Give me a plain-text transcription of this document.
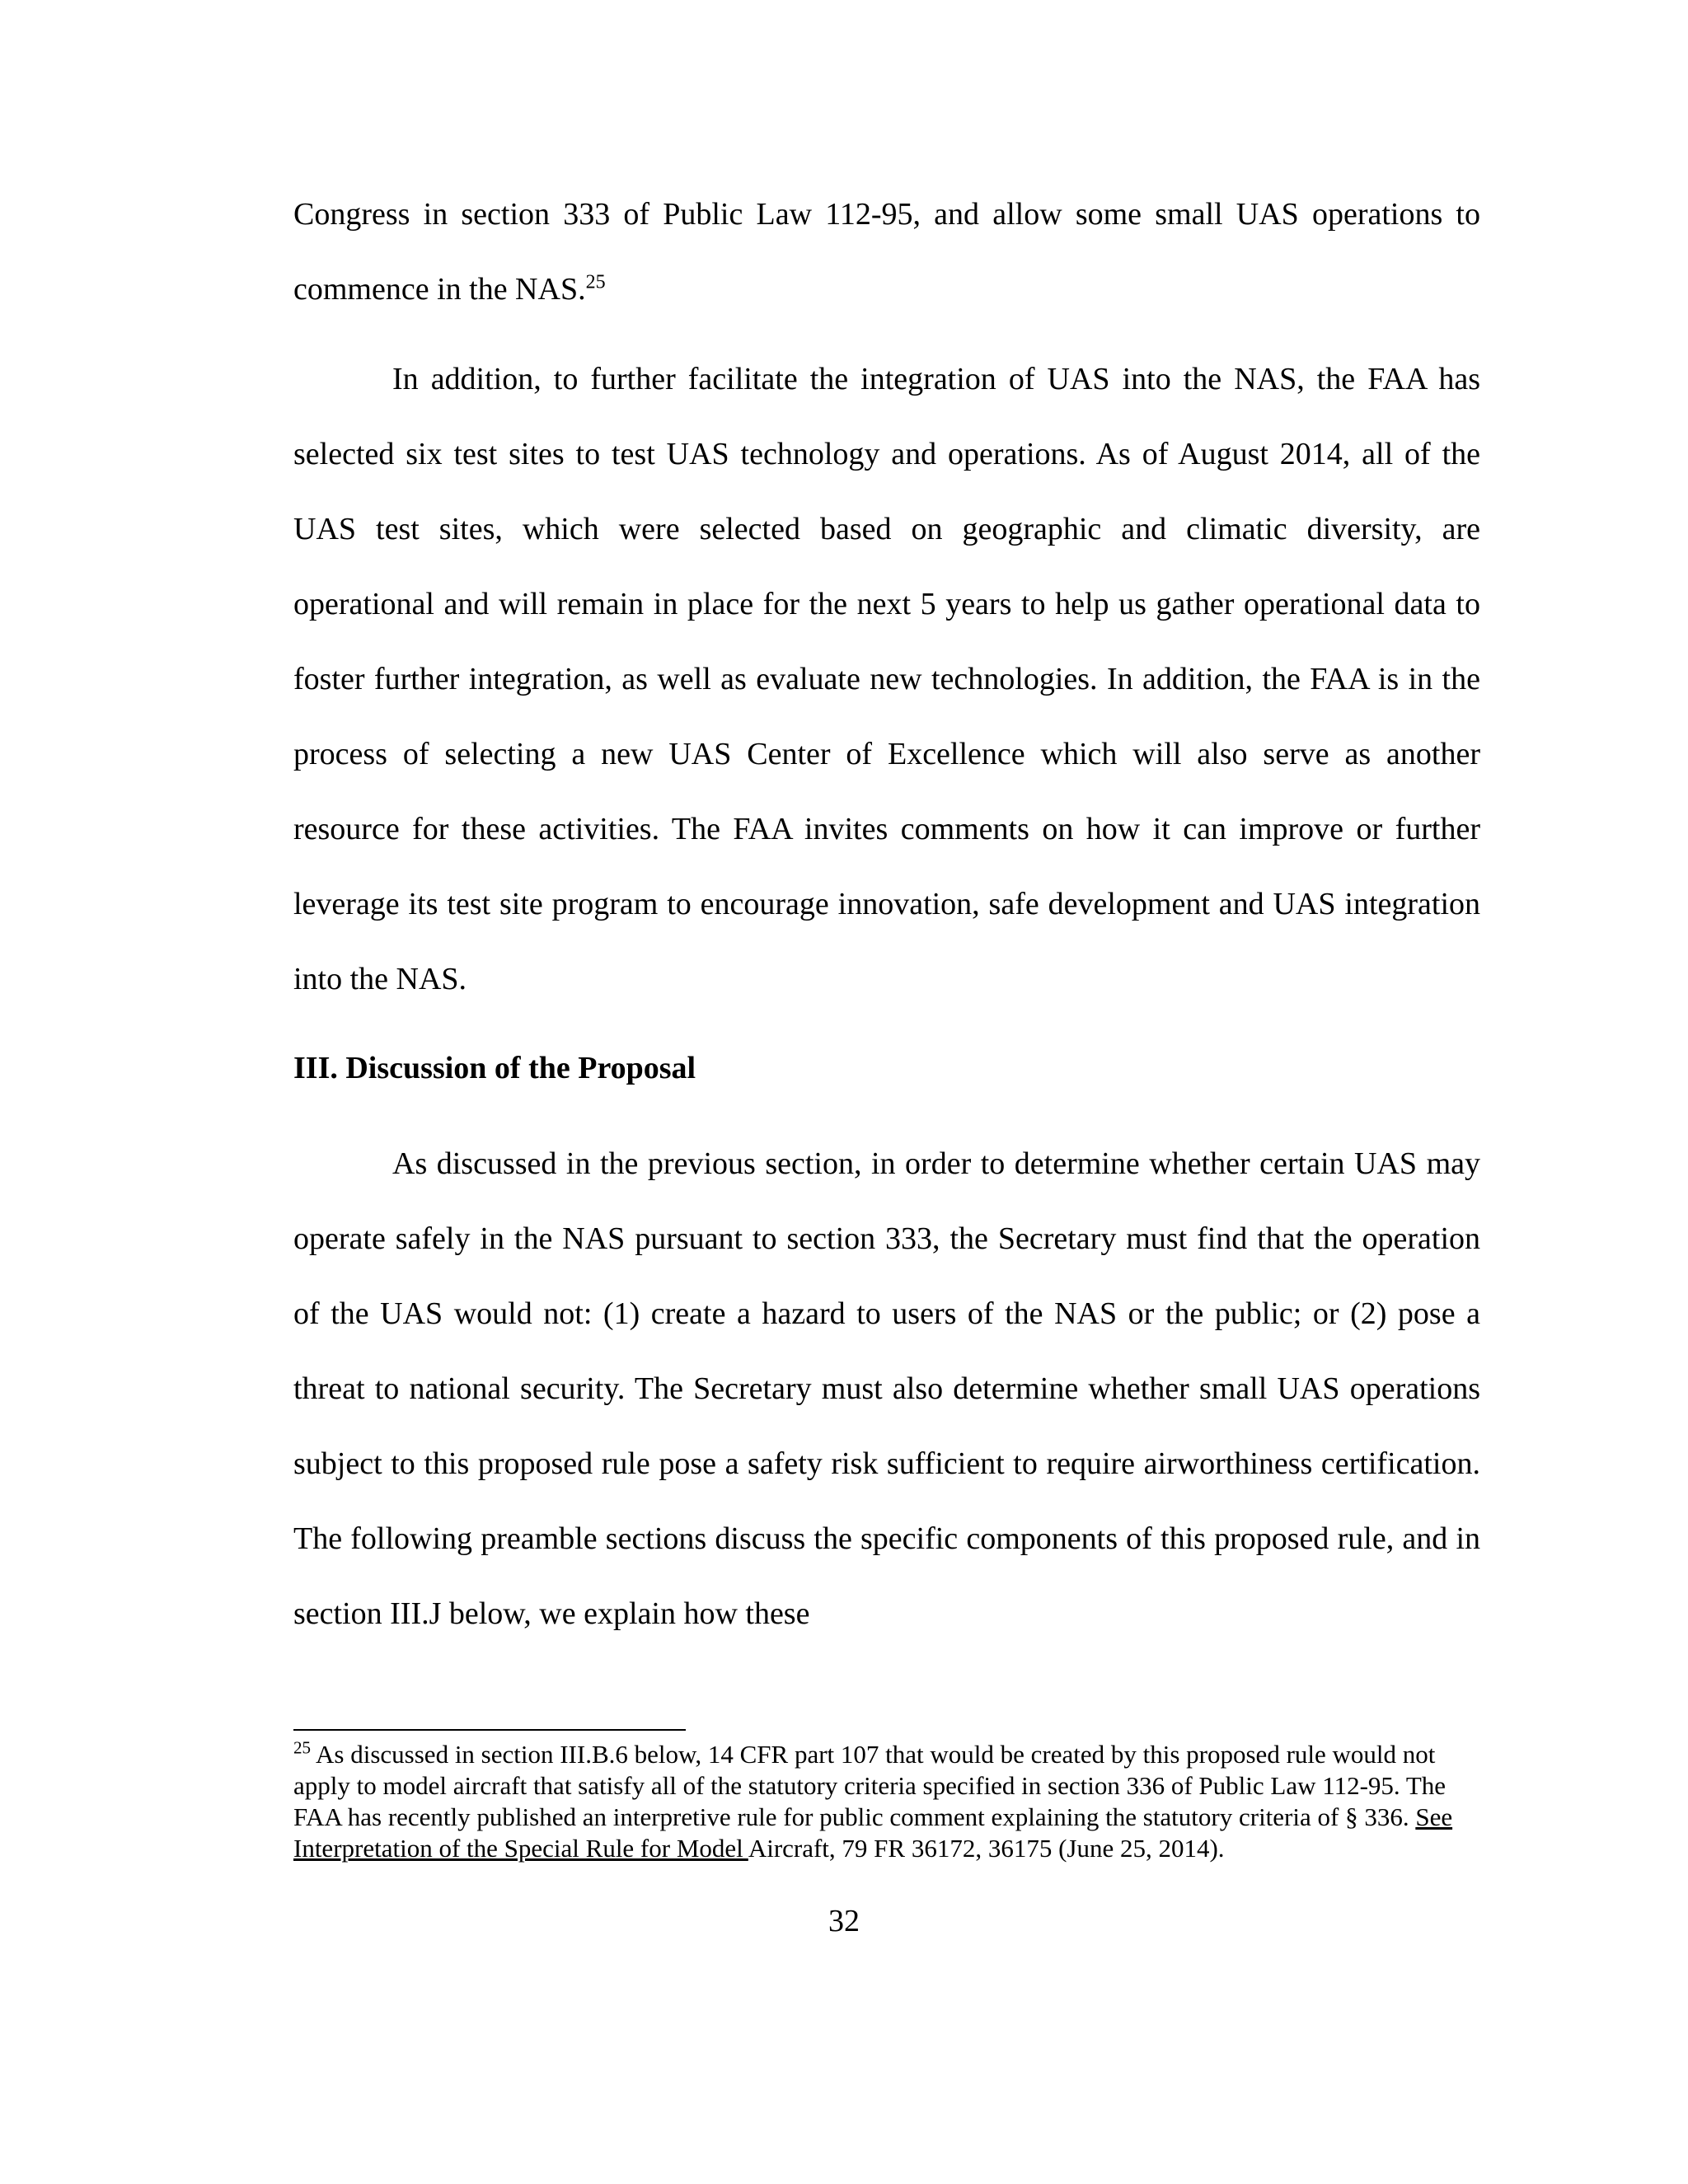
Congress in section 333 of Public Law 112-95, and allow some small UAS operations to commence in the NAS.$^{25}$

In addition, to further facilitate the integration of UAS into the NAS, the FAA has selected six test sites to test UAS technology and operations. As of August 2014, all of the UAS test sites, which were selected based on geographic and climatic diversity, are operational and will remain in place for the next 5 years to help us gather operational data to foster further integration, as well as evaluate new technologies. In addition, the FAA is in the process of selecting a new UAS Center of Excellence which will also serve as another resource for these activities. The FAA invites comments on how it can improve or further leverage its test site program to encourage innovation, safe development and UAS integration into the NAS.

III. Discussion of the Proposal

As discussed in the previous section, in order to determine whether certain UAS may operate safely in the NAS pursuant to section 333, the Secretary must find that the operation of the UAS would not: (1) create a hazard to users of the NAS or the public; or (2) pose a threat to national security. The Secretary must also determine whether small UAS operations subject to this proposed rule pose a safety risk sufficient to require airworthiness certification. The following preamble sections discuss the specific components of this proposed rule, and in section III.J below, we explain how these

$^{25}$ As discussed in section III.B.6 below, 14 CFR part 107 that would be created by this proposed rule would not apply to model aircraft that satisfy all of the statutory criteria specified in section 336 of Public Law 112-95. The FAA has recently published an interpretive rule for public comment explaining the statutory criteria of § 336. See Interpretation of the Special Rule for Model Aircraft, 79 FR 36172, 36175 (June 25, 2014).

32
